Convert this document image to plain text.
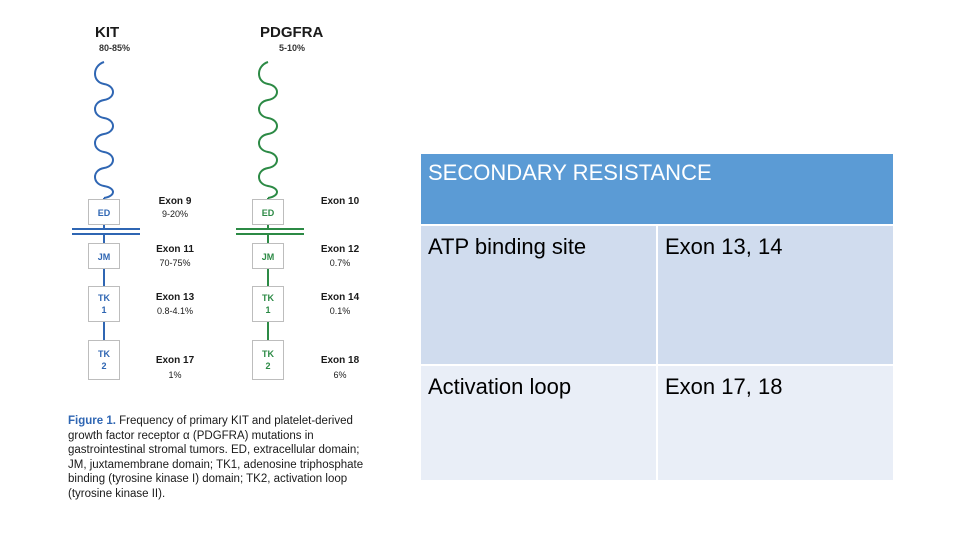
KIT
80-85%
PDGFRA
5-10%
ED
JM
TK
1
TK
2
ED
JM
TK
1
TK
2
Exon 9
9-20%
Exon 11
70-75%
Exon 13
0.8-4.1%
Exon 17
1%
Exon 10
Exon 12
0.7%
Exon 14
0.1%
Exon 18
6%
Figure 1. Frequency of primary KIT and platelet-derived growth factor receptor α (PDGFRA) mutations in gastrointestinal stromal tumors. ED, extracellular domain; JM, juxtamembrane domain; TK1, adenosine triphosphate binding (tyrosine kinase I) domain; TK2, activation loop (tyrosine kinase II).
SECONDARY RESISTANCE
ATP binding site	Exon 13, 14
Activation loop	Exon 17, 18
